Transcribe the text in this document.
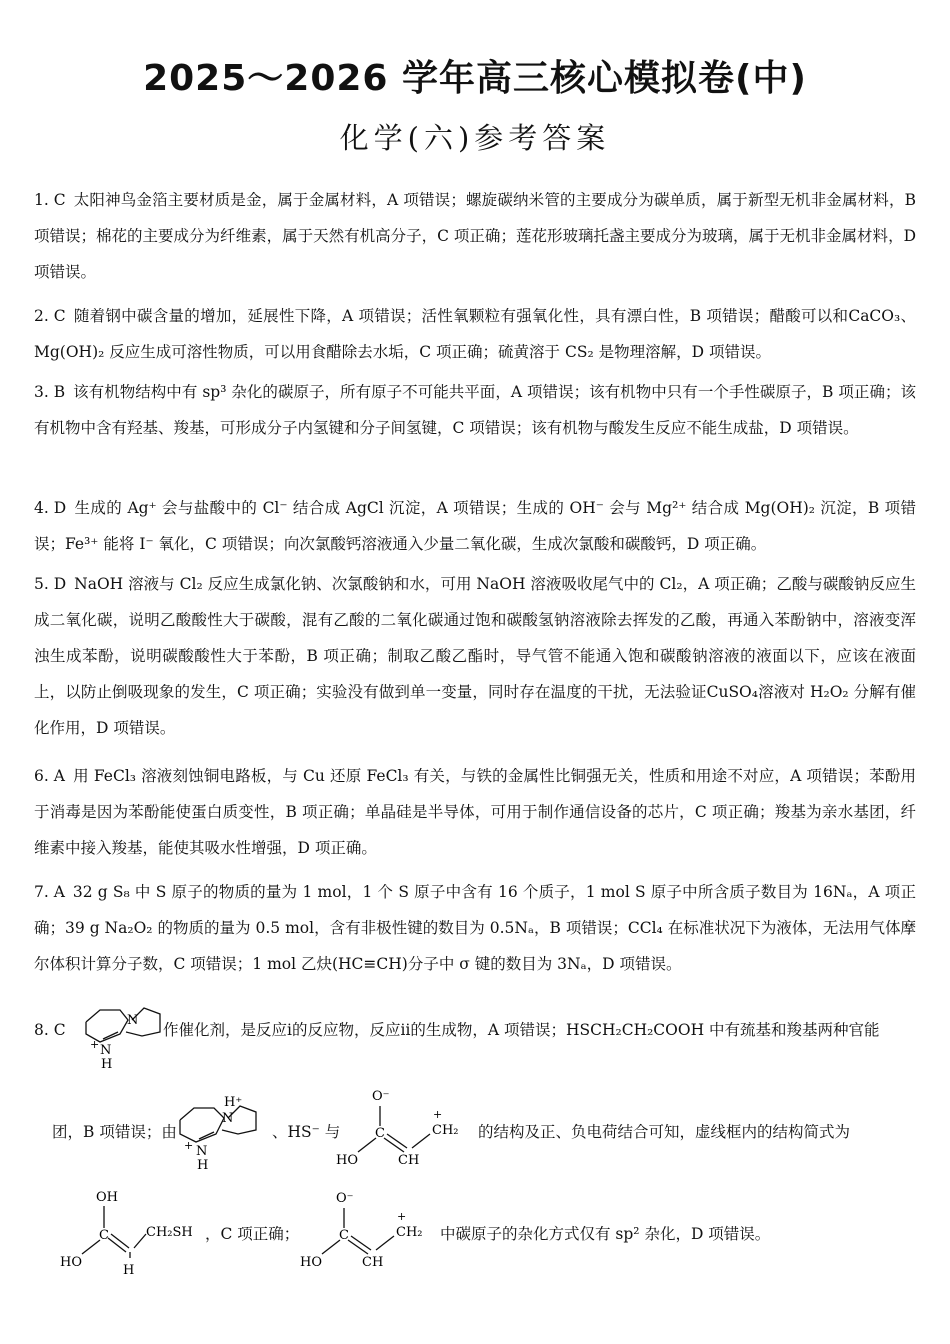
2025～2026 学年高三核心模拟卷(中)
化学(六)参考答案
1. C 太阳神鸟金箔主要材质是金，属于金属材料，A 项错误；螺旋碳纳米管的主要成分为碳单质，属于新型无机非金属材料，B 项错误；棉花的主要成分为纤维素，属于天然有机高分子，C 项正确；莲花形玻璃托盏主要成分为玻璃，属于无机非金属材料，D 项错误。
2. C 随着钢中碳含量的增加，延展性下降，A 项错误；活性氧颗粒有强氧化性，具有漂白性，B 项错误；醋酸可以和CaCO₃、Mg(OH)₂ 反应生成可溶性物质，可以用食醋除去水垢，C 项正确；硫黄溶于 CS₂ 是物理溶解，D 项错误。
3. B 该有机物结构中有 sp³ 杂化的碳原子，所有原子不可能共平面，A 项错误；该有机物中只有一个手性碳原子，B 项正确；该有机物中含有羟基、羧基，可形成分子内氢键和分子间氢键，C 项错误；该有机物与酸发生反应不能生成盐，D 项错误。
4. D 生成的 Ag⁺ 会与盐酸中的 Cl⁻ 结合成 AgCl 沉淀，A 项错误；生成的 OH⁻ 会与 Mg²⁺ 结合成 Mg(OH)₂ 沉淀，B 项错误；Fe³⁺ 能将 I⁻ 氧化，C 项错误；向次氯酸钙溶液通入少量二氧化碳，生成次氯酸和碳酸钙，D 项正确。
5. D NaOH 溶液与 Cl₂ 反应生成氯化钠、次氯酸钠和水，可用 NaOH 溶液吸收尾气中的 Cl₂，A 项正确；乙酸与碳酸钠反应生成二氧化碳，说明乙酸酸性大于碳酸，混有乙酸的二氧化碳通过饱和碳酸氢钠溶液除去挥发的乙酸，再通入苯酚钠中，溶液变浑浊生成苯酚，说明碳酸酸性大于苯酚，B 项正确；制取乙酸乙酯时，导气管不能通入饱和碳酸钠溶液的液面以下，应该在液面上，以防止倒吸现象的发生，C 项正确；实验没有做到单一变量，同时存在温度的干扰，无法验证CuSO₄溶液对 H₂O₂ 分解有催化作用，D 项错误。
6. A 用 FeCl₃ 溶液刻蚀铜电路板，与 Cu 还原 FeCl₃ 有关，与铁的金属性比铜强无关，性质和用途不对应，A 项错误；苯酚用于消毒是因为苯酚能使蛋白质变性，B 项正确；单晶硅是半导体，可用于制作通信设备的芯片，C 项正确；羧基为亲水基团，纤维素中接入羧基，能使其吸水性增强，D 项正确。
7. A 32 g S₈ 中 S 原子的物质的量为 1 mol，1 个 S 原子中含有 16 个质子，1 mol S 原子中所含质子数目为 16Nₐ，A 项正确；39 g Na₂O₂ 的物质的量为 0.5 mol，含有非极性键的数目为 0.5Nₐ，B 项错误；CCl₄ 在标准状况下为液体，无法用气体摩尔体积计算分子数，C 项错误；1 mol 乙炔(HC≡CH)分子中 σ 键的数目为 3Nₐ，D 项错误。
8. C
N
N
+
H
作催化剂，是反应ⅰ的反应物，反应ⅱ的生成物，A 项错误；HSCH₂CH₂COOH 中有巯基和羧基两种官能
团，B 项错误；由
N
H⁺
N
+
H
、HS⁻ 与
O⁻
C
HO	CH
CH₂
+
的结构及正、负电荷结合可知，虚线框内的结构简式为
OH
C
HO
H
CH₂SH ，C 项正确；
O⁻
C
HO	CH
CH₂
+
中碳原子的杂化方式仅有 sp² 杂化，D 项错误。
